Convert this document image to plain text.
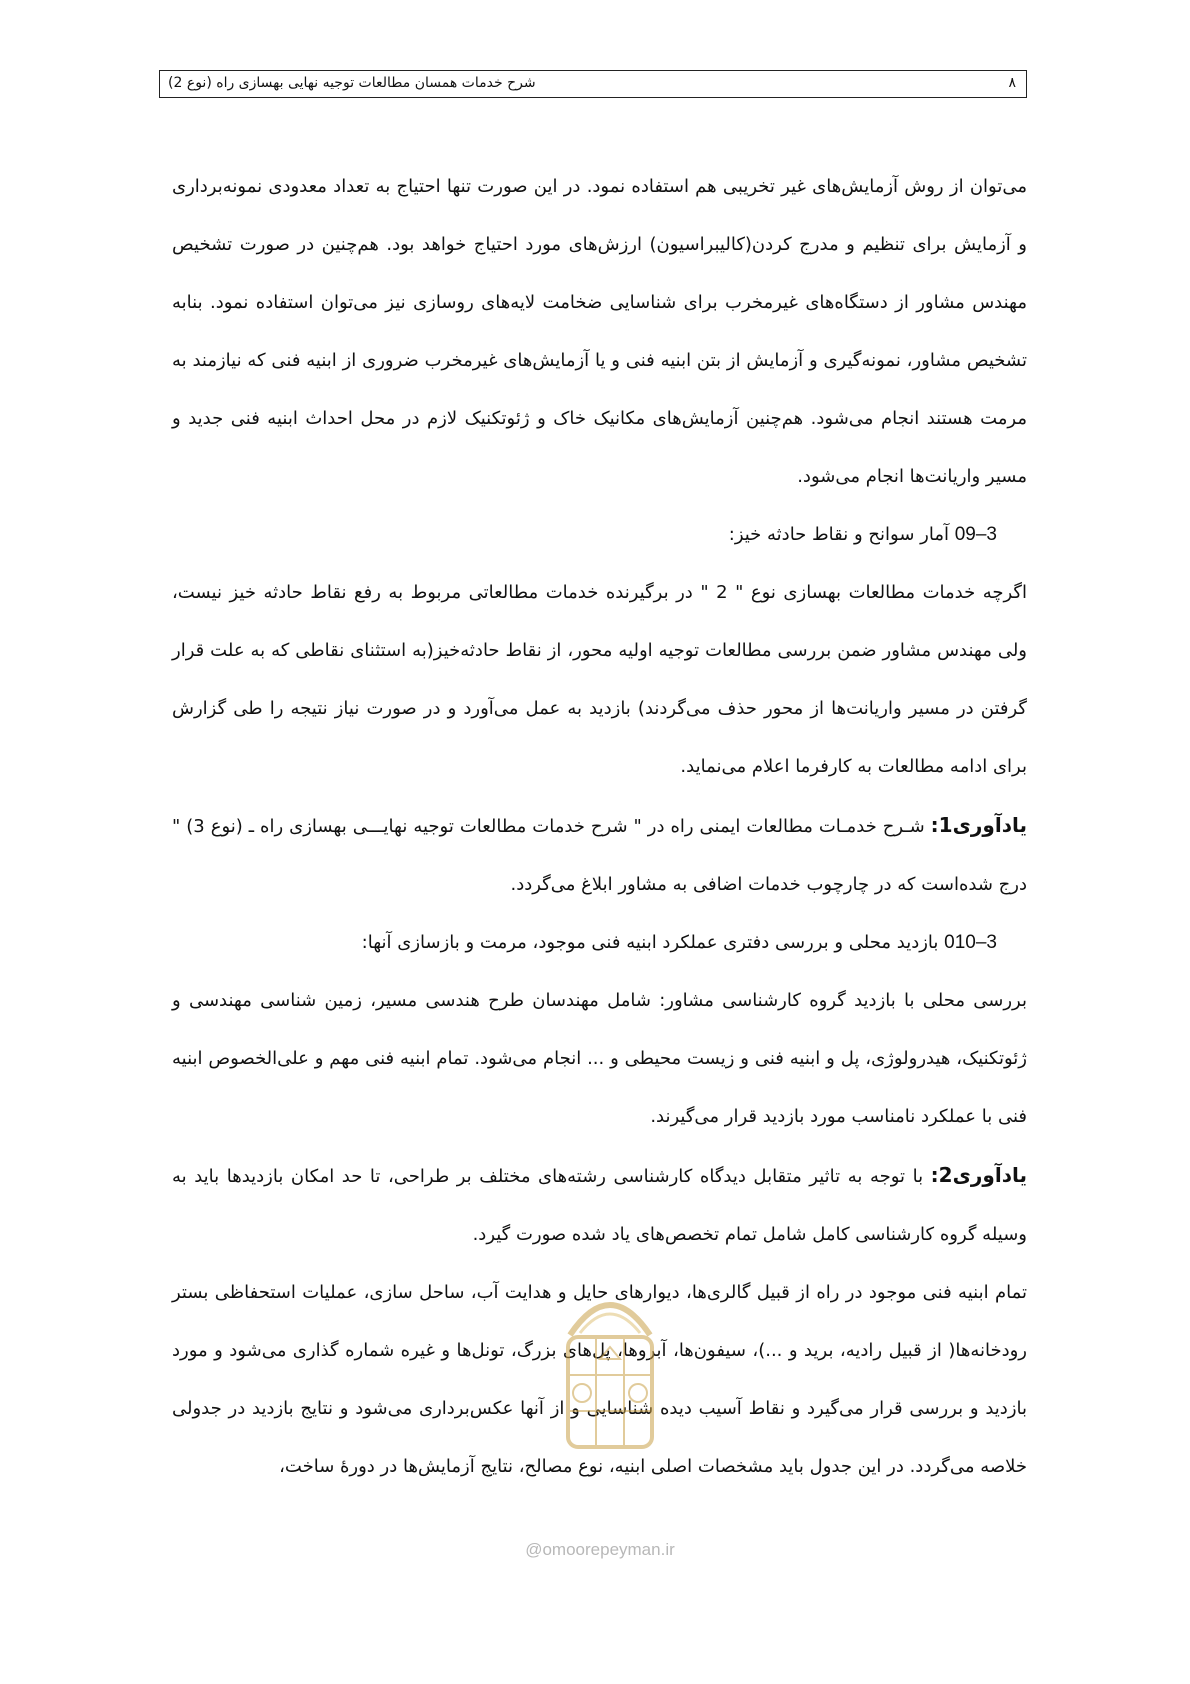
شرح خدمات همسان مطالعات توجیه نهایی بهسازی راه (نوع 2)	۸

می‌توان از روش آزمایش‌های غیر تخریبی هم استفاده نمود. در این صورت تنها احتیاج به تعداد معدودی نمونه‌برداری و آزمایش برای تنظیم و مدرج کردن(کالیبراسیون) ارزش‌های مورد احتیاج خواهد بود. هم‌چنین در صورت تشخیص مهندس مشاور از دستگاه‌های غیرمخرب برای شناسایی ضخامت لایه‌های روسازی نیز می‌توان استفاده نمود. بنابه تشخیص مشاور، نمونه‌گیری و آزمایش از بتن ابنیه فنی و یا آزمایش‌های غیرمخرب ضروری از ابنیه فنی که نیازمند به مرمت هستند انجام می‌شود. هم‌چنین آزمایش‌های مکانیک خاک و ژئوتکنیک لازم در محل احداث ابنیه فنی جدید و مسیر واریانت‌ها انجام می‌شود.

3–09 آمار سوانح و نقاط حادثه خیز:

اگرچه خدمات مطالعات بهسازی نوع " 2 " در برگیرنده خدمات مطالعاتی مربوط به رفع نقاط حادثه خیز نیست، ولی مهندس مشاور ضمن بررسی مطالعات توجیه اولیه محور، از نقاط حادثه‌خیز(به استثنای نقاطی که به علت قرار گرفتن در مسیر واریانت‌ها از محور حذف می‌گردند) بازدید به عمل می‌آورد و در صورت نیاز نتیجه را طی گزارش برای ادامه مطالعات به کارفرما اعلام می‌نماید.

یادآوری1: شـرح خدمـات مطالعات ایمنی راه در " شرح خدمات مطالعات توجیه نهایـــی بهسازی راه ـ (نوع 3) " درج شده‌است که در چارچوب خدمات اضافی به مشاور ابلاغ می‌گردد.

3–010 بازدید محلی و بررسی دفتری عملکرد ابنیه فنی موجود، مرمت و بازسازی آنها:

بررسی محلی با بازدید گروه کارشناسی مشاور: شامل مهندسان طرح هندسی مسیر، زمین شناسی مهندسی و ژئوتکنیک، هیدرولوژی، پل و ابنیه فنی و زیست محیطی و ... انجام می‌شود. تمام ابنیه فنی مهم و علی‌الخصوص ابنیه فنی با عملکرد نامناسب مورد بازدید قرار می‌گیرند.

یادآوری2: با توجه به تاثیر متقابل دیدگاه کارشناسی رشته‌های مختلف بر طراحی، تا حد امکان بازدیدها باید به وسیله گروه کارشناسی کامل شامل تمام تخصص‌های یاد شده صورت گیرد.

تمام ابنیه فنی موجود در راه از قبیل گالری‌ها، دیوارهای حایل و هدایت آب، ساحل سازی، عملیات استحفاظی بستر رودخانه‌ها( از قبیل رادیه، برید و ...)، سیفون‌ها، آبروها، پل‌های بزرگ، تونل‌ها و غیره شماره گذاری می‌شود و مورد بازدید و بررسی قرار می‌گیرد و نقاط آسیب دیده شناسایی و از آنها عکس‌برداری می‌شود و نتایج بازدید در جدولی خلاصه می‌گردد. در این جدول باید مشخصات اصلی ابنیه، نوع مصالح، نتایج آزمایش‌ها در دورهٔ ساخت،

@omoorepeyman.ir
